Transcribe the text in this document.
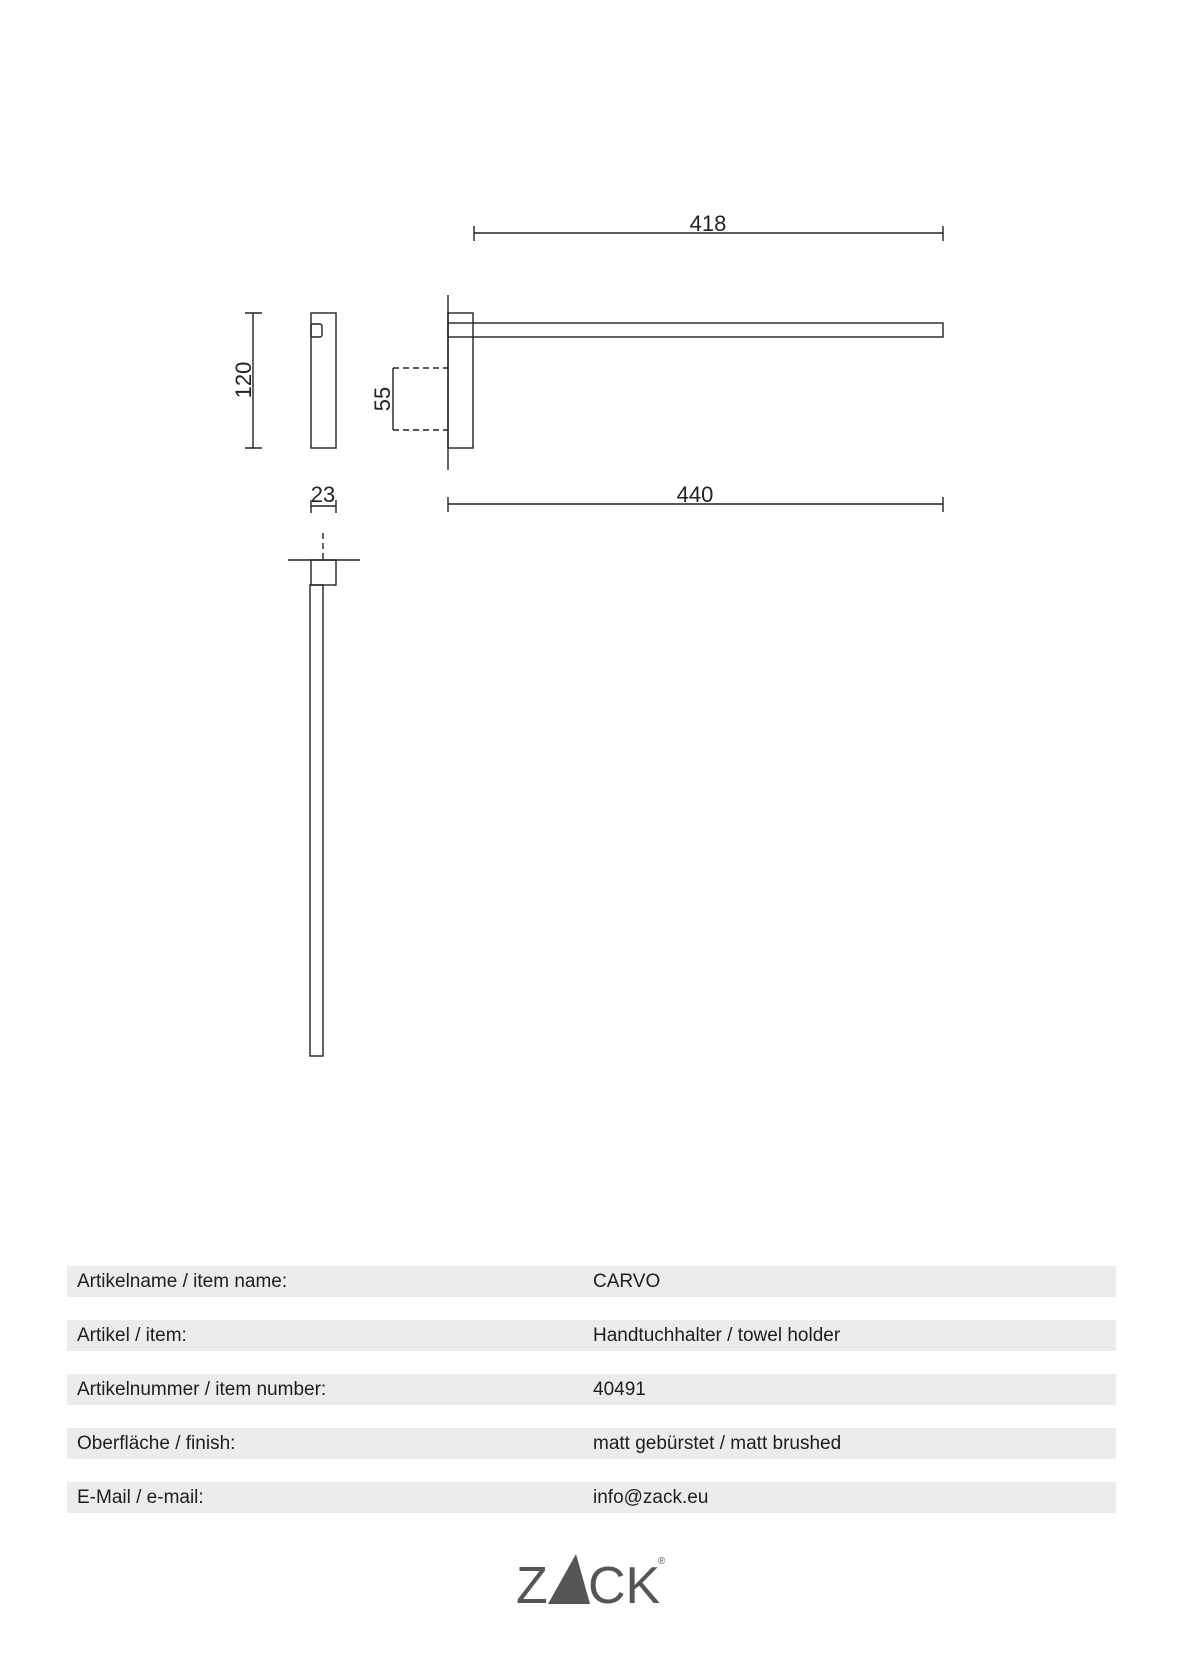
418
440
23
120
55
Artikelname / item name:	CARVO
Artikel / item:	Handtuchhalter / towel holder
Artikelnummer / item number:	40491
Oberfläche / finish:	matt gebürstet / matt brushed
E-Mail / e-mail:	info@zack.eu
Z CK
®
